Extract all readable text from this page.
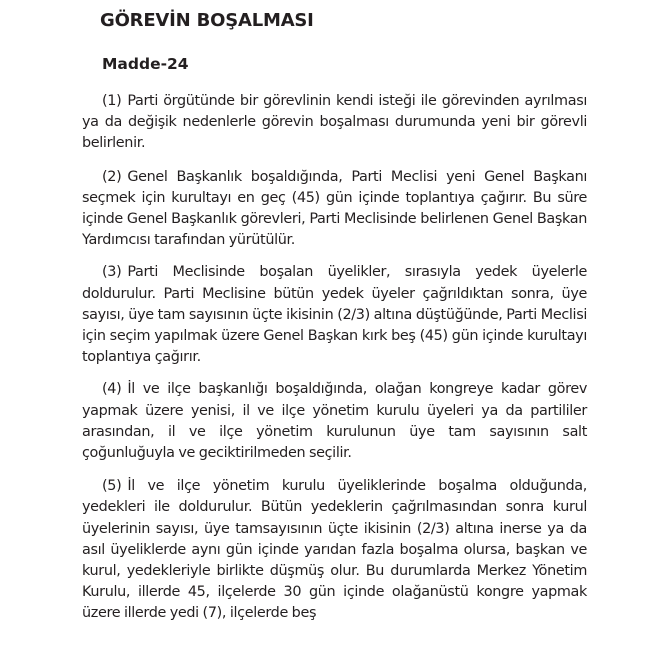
GÖREVİN BOŞALMASI
Madde-24

(1) Parti örgütünde bir görevlinin kendi isteği ile görevinden ayrılması ya da değişik nedenlerle görevin boşalması durumunda yeni bir görevli belirlenir.

(2) Genel Başkanlık boşaldığında, Parti Meclisi yeni Genel Başkanı seçmek için kurultayı en geç (45) gün içinde toplantıya çağırır. Bu süre içinde Genel Başkanlık görevleri, Parti Meclisinde belirlenen Genel Başkan Yardımcısı tarafından yürütülür.

(3) Parti Meclisinde boşalan üyelikler, sırasıyla yedek üyelerle doldurulur. Parti Meclisine bütün yedek üyeler çağrıldıktan sonra, üye sayısı, üye tam sayısının üçte ikisinin (2/3) altına düştüğünde, Parti Meclisi için seçim yapılmak üzere Genel Başkan kırk beş (45) gün içinde kurultayı toplantıya çağırır.

(4) İl ve ilçe başkanlığı boşaldığında, olağan kongreye kadar görev yapmak üzere yenisi, il ve ilçe yönetim kurulu üyeleri ya da partililer arasından, il ve ilçe yönetim kurulunun üye tam sayısının salt çoğunluğuyla ve geciktirilmeden seçilir.

(5) İl ve ilçe yönetim kurulu üyeliklerinde boşalma olduğunda, yedekleri ile doldurulur. Bütün yedeklerin çağrılmasından sonra kurul üyelerinin sayısı, üye tamsayısının üçte ikisinin (2/3) altına inerse ya da asıl üyeliklerde aynı gün içinde yarıdan fazla boşalma olursa, başkan ve kurul, yedekleriyle birlikte düşmüş olur. Bu durumlarda Merkez Yönetim Kurulu, illerde 45, ilçelerde 30 gün içinde olağanüstü kongre yapmak üzere illerde yedi (7), ilçelerde beş
